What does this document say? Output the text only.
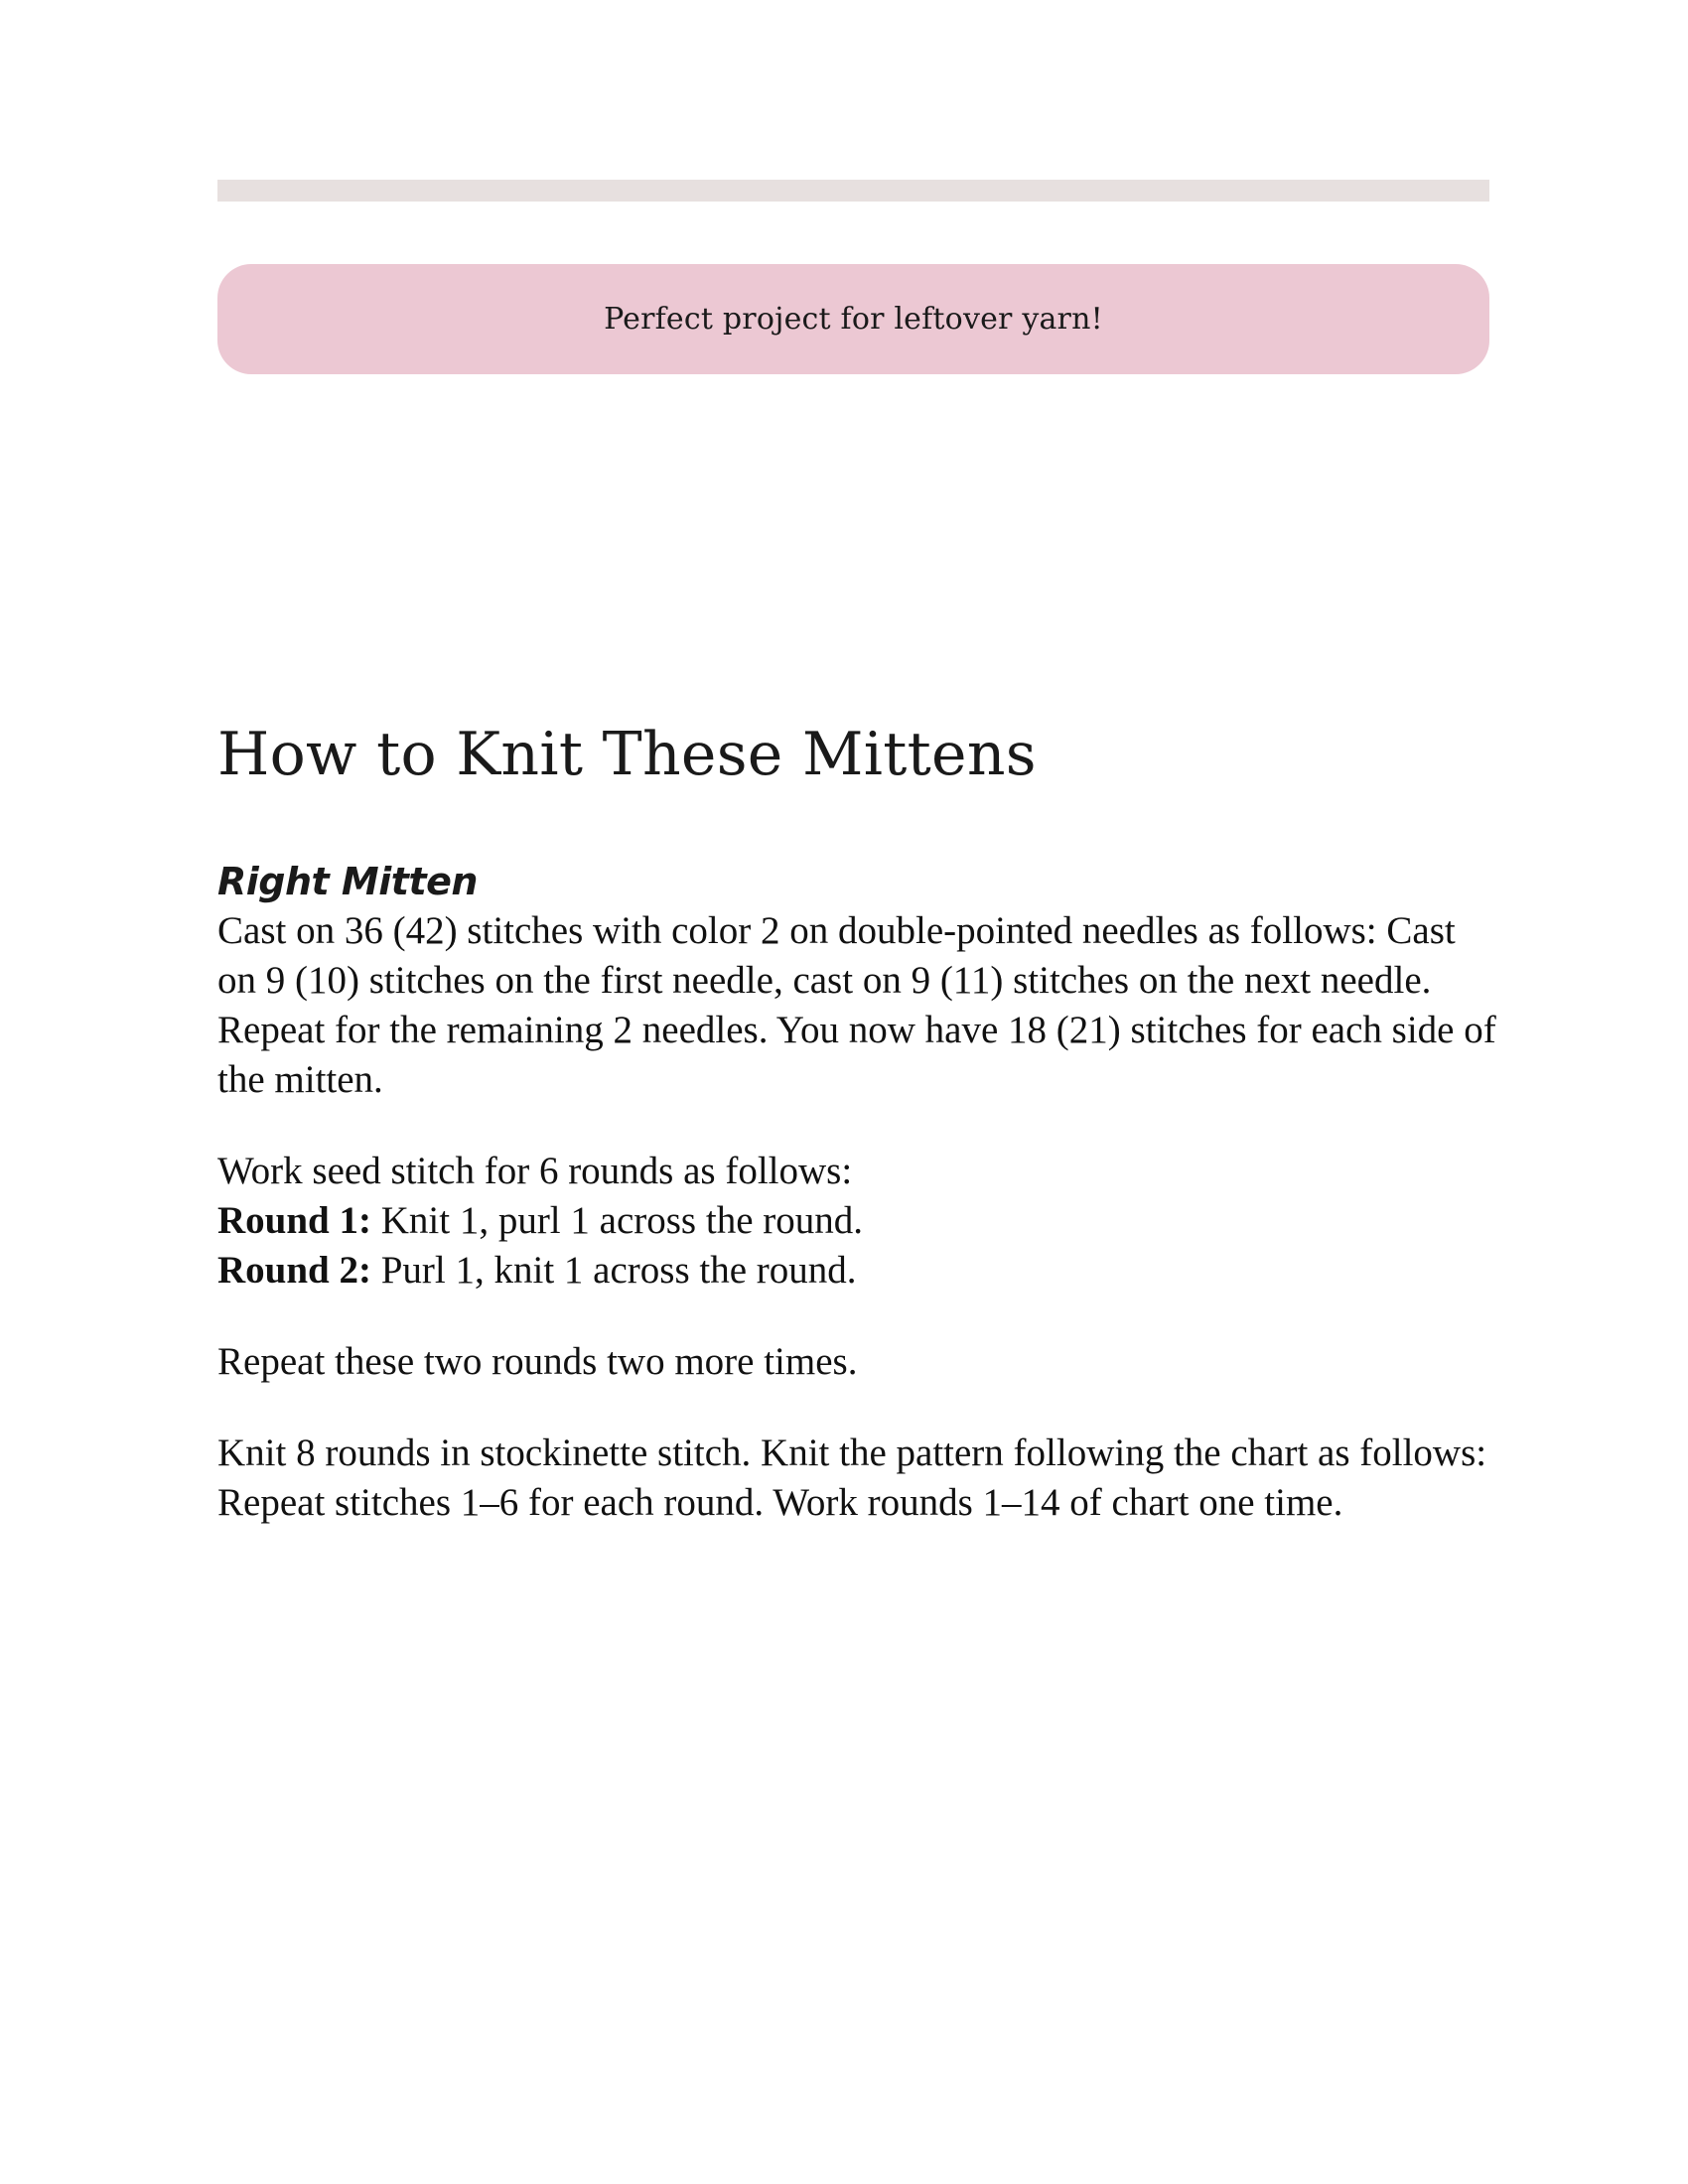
Perfect project for leftover yarn!
How to Knit These Mittens
Right Mitten

Cast on 36 (42) stitches with color 2 on double-pointed needles as follows: Cast on 9 (10) stitches on the first needle, cast on 9 (11) stitches on the next needle. Repeat for the remaining 2 needles. You now have 18 (21) stitches for each side of the mitten.

Work seed stitch for 6 rounds as follows:
Round 1: Knit 1, purl 1 across the round.
Round 2: Purl 1, knit 1 across the round.

Repeat these two rounds two more times.

Knit 8 rounds in stockinette stitch. Knit the pattern following the chart as follows: Repeat stitches 1–6 for each round. Work rounds 1–14 of chart one time.
